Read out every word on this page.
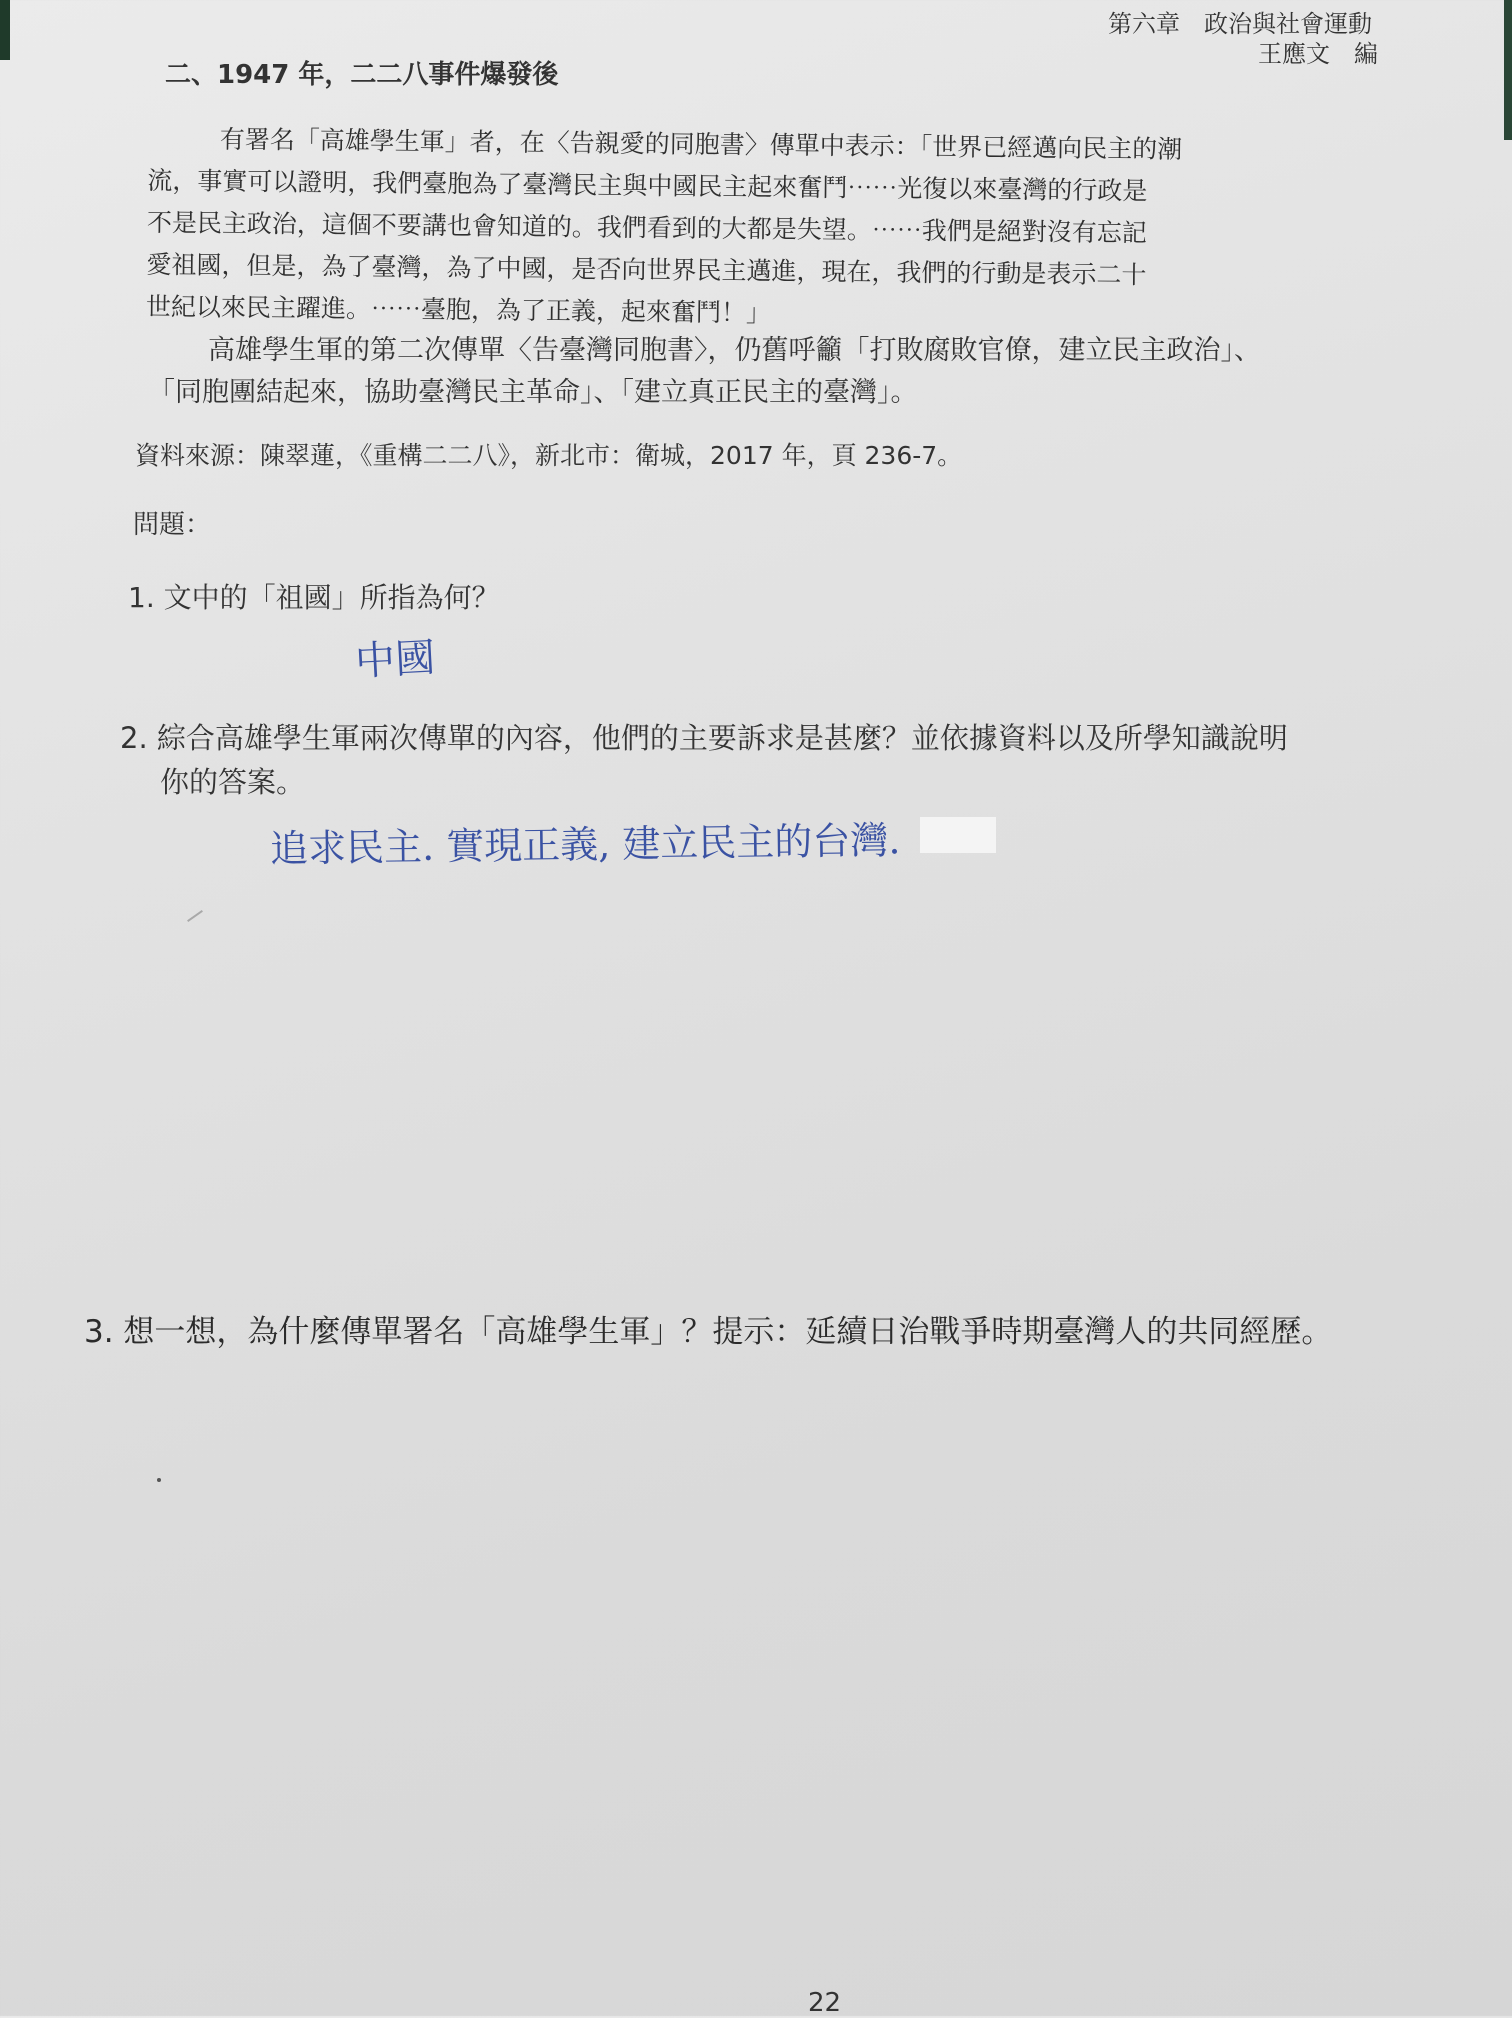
第六章　政治與社會運動
王應文　編
二、1947 年，二二八事件爆發後
有署名「高雄學生軍」者，在〈告親愛的同胞書〉傳單中表示：「世界已經邁向民主的潮
流，事實可以證明，我們臺胞為了臺灣民主與中國民主起來奮鬥⋯⋯光復以來臺灣的行政是
不是民主政治，這個不要講也會知道的。我們看到的大都是失望。⋯⋯我們是絕對沒有忘記
愛祖國，但是，為了臺灣，為了中國，是否向世界民主邁進，現在，我們的行動是表示二十
世紀以來民主躍進。⋯⋯臺胞，為了正義，起來奮鬥！」
高雄學生軍的第二次傳單〈告臺灣同胞書〉，仍舊呼籲「打敗腐敗官僚，建立民主政治」、
「同胞團結起來，協助臺灣民主革命」、「建立真正民主的臺灣」。
資料來源：陳翠蓮，《重構二二八》，新北市：衛城，2017 年，頁 236-7。
問題：
1. 文中的「祖國」所指為何？
中國
2. 綜合高雄學生軍兩次傳單的內容，他們的主要訴求是甚麼？並依據資料以及所學知識說明
你的答案。
追求民主. 實現正義, 建立民主的台灣.
3. 想一想，為什麼傳單署名「高雄學生軍」？提示：延續日治戰爭時期臺灣人的共同經歷。
22
